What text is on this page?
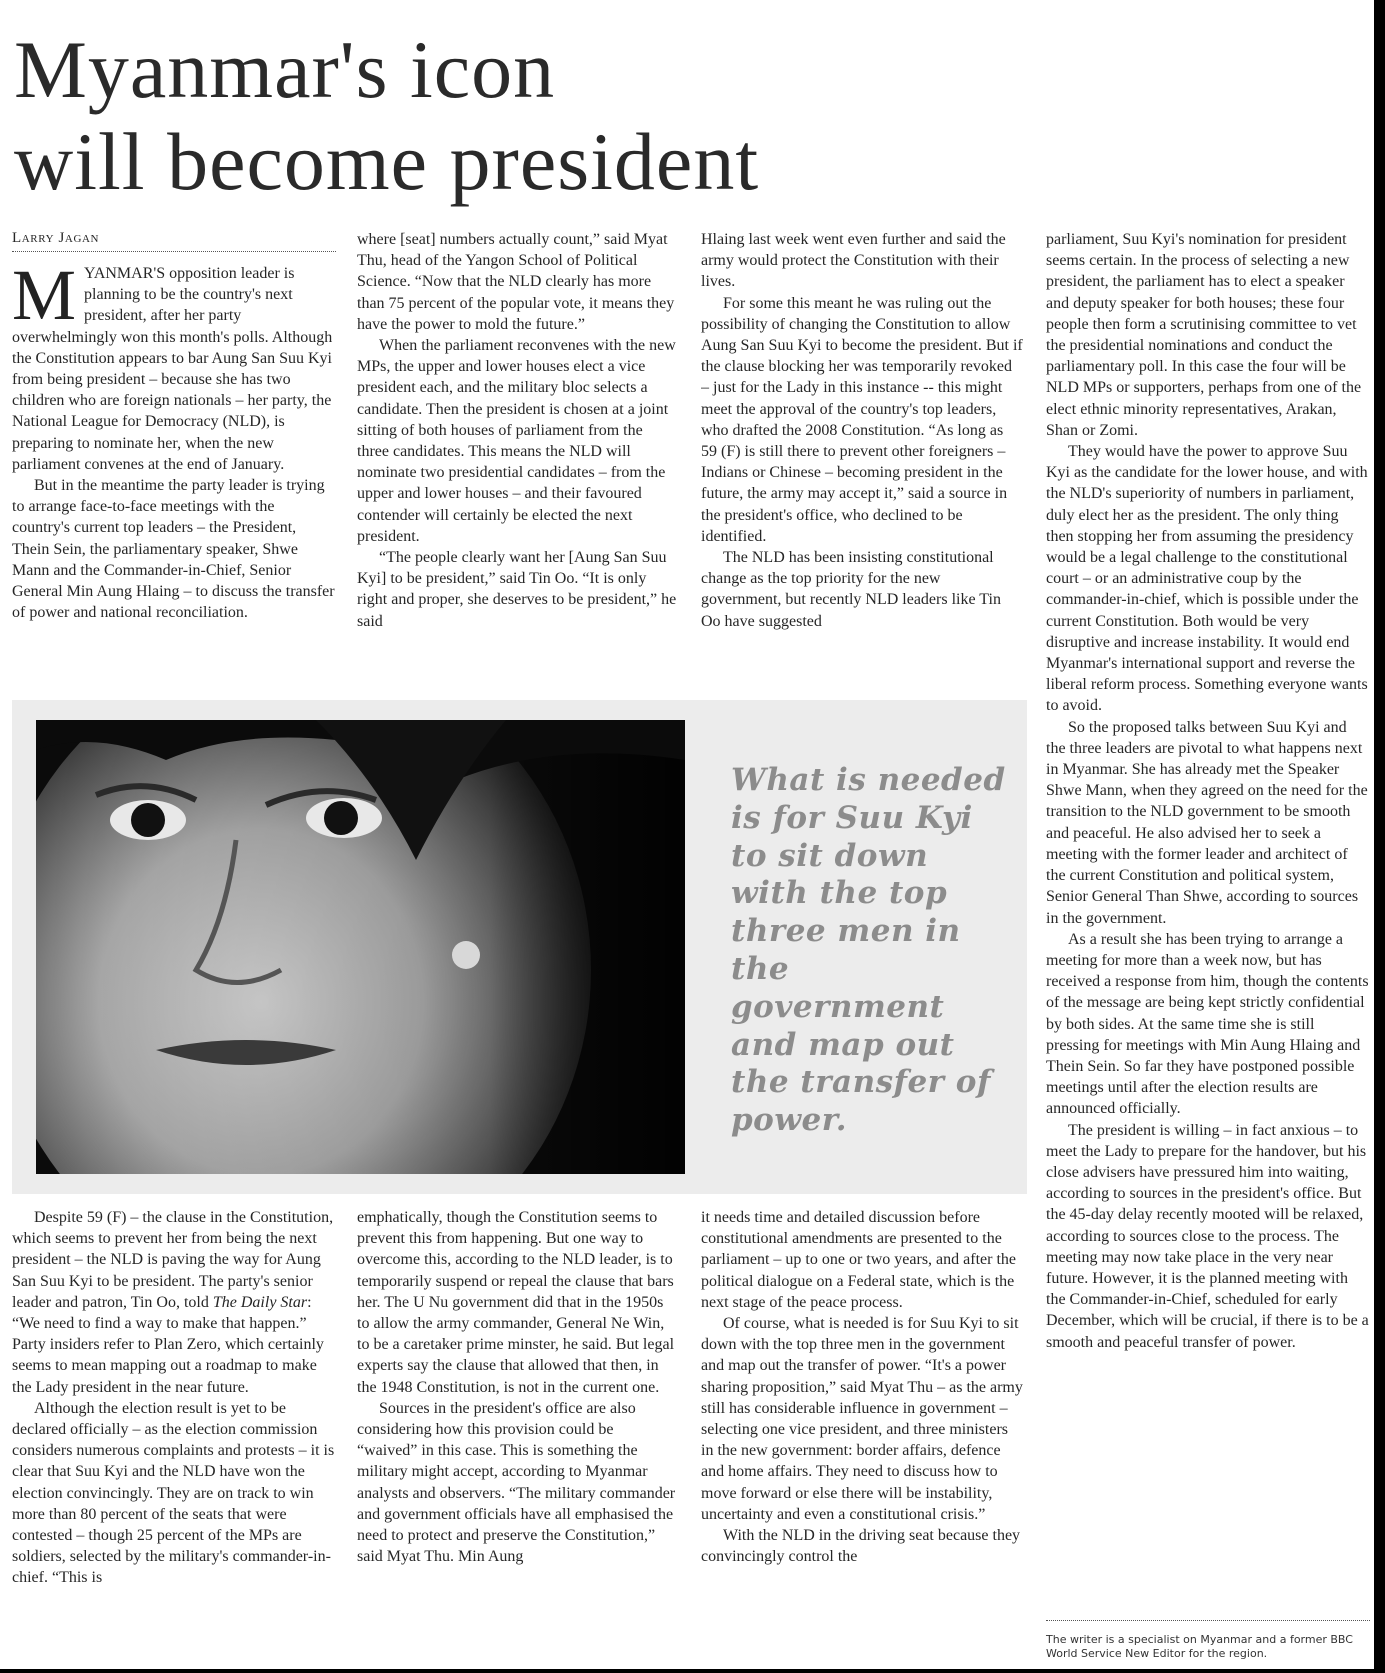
Myanmar's icon
will become president
Larry Jagan

MYANMAR'S opposition leader is planning to be the country's next president, after her party overwhelmingly won this month's polls. Although the Constitution appears to bar Aung San Suu Kyi from being president – because she has two children who are foreign nationals – her party, the National League for Democracy (NLD), is preparing to nominate her, when the new parliament convenes at the end of January.

But in the meantime the party leader is trying to arrange face-to-face meetings with the country's current top leaders – the President, Thein Sein, the parliamentary speaker, Shwe Mann and the Commander-in-Chief, Senior General Min Aung Hlaing – to discuss the transfer of power and national reconciliation.

where [seat] numbers actually count,” said Myat Thu, head of the Yangon School of Political Science. “Now that the NLD clearly has more than 75 percent of the popular vote, it means they have the power to mold the future.”

When the parliament reconvenes with the new MPs, the upper and lower houses elect a vice president each, and the military bloc selects a candidate. Then the president is chosen at a joint sitting of both houses of parliament from the three candidates. This means the NLD will nominate two presidential candidates – from the upper and lower houses – and their favoured contender will certainly be elected the next president.

“The people clearly want her [Aung San Suu Kyi] to be president,” said Tin Oo. “It is only right and proper, she deserves to be president,” he said

Hlaing last week went even further and said the army would protect the Constitution with their lives.

For some this meant he was ruling out the possibility of changing the Constitution to allow Aung San Suu Kyi to become the president. But if the clause blocking her was temporarily revoked – just for the Lady in this instance -- this might meet the approval of the country's top leaders, who drafted the 2008 Constitution. “As long as 59 (F) is still there to prevent other foreigners – Indians or Chinese – becoming president in the future, the army may accept it,” said a source in the president's office, who declined to be identified.

The NLD has been insisting constitutional change as the top priority for the new government, but recently NLD leaders like Tin Oo have suggested

parliament, Suu Kyi's nomination for president seems certain. In the process of selecting a new president, the parliament has to elect a speaker and deputy speaker for both houses; these four people then form a scrutinising committee to vet the presidential nominations and conduct the parliamentary poll. In this case the four will be NLD MPs or supporters, perhaps from one of the elect ethnic minority representatives, Arakan, Shan or Zomi.

They would have the power to approve Suu Kyi as the candidate for the lower house, and with the NLD's superiority of numbers in parliament, duly elect her as the president. The only thing then stopping her from assuming the presidency would be a legal challenge to the constitutional court – or an administrative coup by the commander-in-chief, which is possible under the current Constitution. Both would be very disruptive and increase instability. It would end Myanmar's international support and reverse the liberal reform process. Something everyone wants to avoid.

So the proposed talks between Suu Kyi and the three leaders are pivotal to what happens next in Myanmar. She has already met the Speaker Shwe Mann, when they agreed on the need for the transition to the NLD government to be smooth and peaceful. He also advised her to seek a meeting with the former leader and architect of the current Constitution and political system, Senior General Than Shwe, according to sources in the government.

As a result she has been trying to arrange a meeting for more than a week now, but has received a response from him, though the contents of the message are being kept strictly confidential by both sides. At the same time she is still pressing for meetings with Min Aung Hlaing and Thein Sein. So far they have postponed possible meetings until after the election results are announced officially.

The president is willing – in fact anxious – to meet the Lady to prepare for the handover, but his close advisers have pressured him into waiting, according to sources in the president's office. But the 45-day delay recently mooted will be relaxed, according to sources close to the process. The meeting may now take place in the very near future. However, it is the planned meeting with the Commander-in-Chief, scheduled for early December, which will be crucial, if there is to be a smooth and peaceful transfer of power.

What is needed is for Suu Kyi to sit down with the top three men in the government and map out the transfer of power.

Despite 59 (F) – the clause in the Constitution, which seems to prevent her from being the next president – the NLD is paving the way for Aung San Suu Kyi to be president. The party's senior leader and patron, Tin Oo, told The Daily Star: “We need to find a way to make that happen.” Party insiders refer to Plan Zero, which certainly seems to mean mapping out a roadmap to make the Lady president in the near future.

Although the election result is yet to be declared officially – as the election commission considers numerous complaints and protests – it is clear that Suu Kyi and the NLD have won the election convincingly. They are on track to win more than 80 percent of the seats that were contested – though 25 percent of the MPs are soldiers, selected by the military's commander-in-chief. “This is

emphatically, though the Constitution seems to prevent this from happening. But one way to overcome this, according to the NLD leader, is to temporarily suspend or repeal the clause that bars her. The U Nu government did that in the 1950s to allow the army commander, General Ne Win, to be a caretaker prime minster, he said. But legal experts say the clause that allowed that then, in the 1948 Constitution, is not in the current one.

Sources in the president's office are also considering how this provision could be “waived” in this case. This is something the military might accept, according to Myanmar analysts and observers. “The military commander and government officials have all emphasised the need to protect and preserve the Constitution,” said Myat Thu. Min Aung

it needs time and detailed discussion before constitutional amendments are presented to the parliament – up to one or two years, and after the political dialogue on a Federal state, which is the next stage of the peace process.

Of course, what is needed is for Suu Kyi to sit down with the top three men in the government and map out the transfer of power. “It's a power sharing proposition,” said Myat Thu – as the army still has considerable influence in government – selecting one vice president, and three ministers in the new government: border affairs, defence and home affairs. They need to discuss how to move forward or else there will be instability, uncertainty and even a constitutional crisis.”

With the NLD in the driving seat because they convincingly control the

The writer is a specialist on Myanmar and a former BBC World Service New Editor for the region.
